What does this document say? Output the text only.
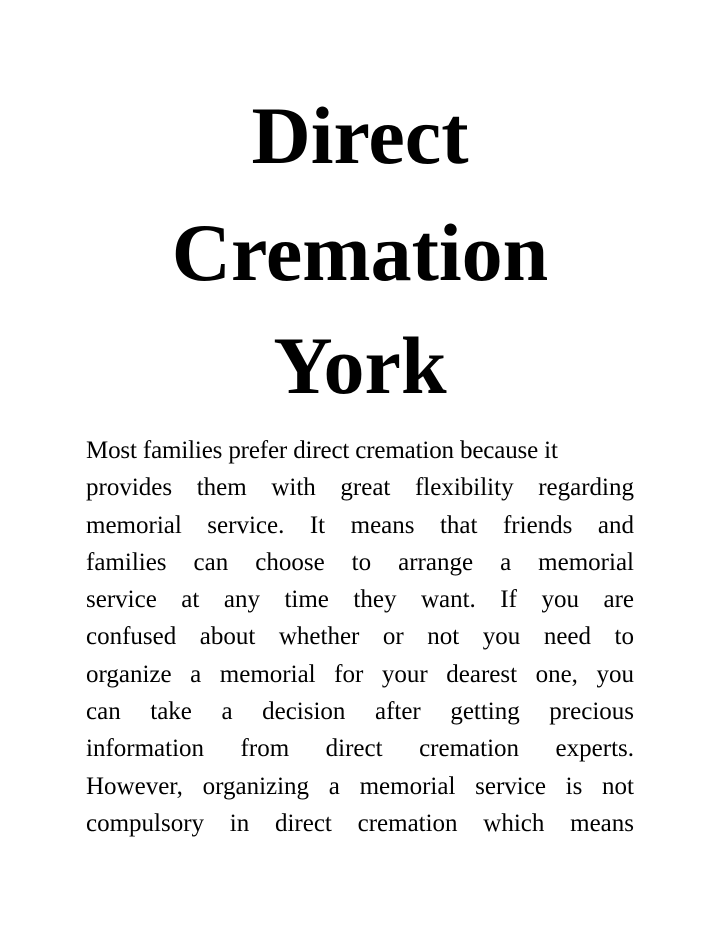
Direct
Cremation
York
Most families prefer direct cremation because it
provides them with great flexibility regarding
memorial service. It means that friends and
families can choose to arrange a memorial
service at any time they want. If you are
confused about whether or not you need to
organize a memorial for your dearest one, you
can take a decision after getting precious
information from direct cremation experts.
However, organizing a memorial service is not
compulsory in direct cremation which means
